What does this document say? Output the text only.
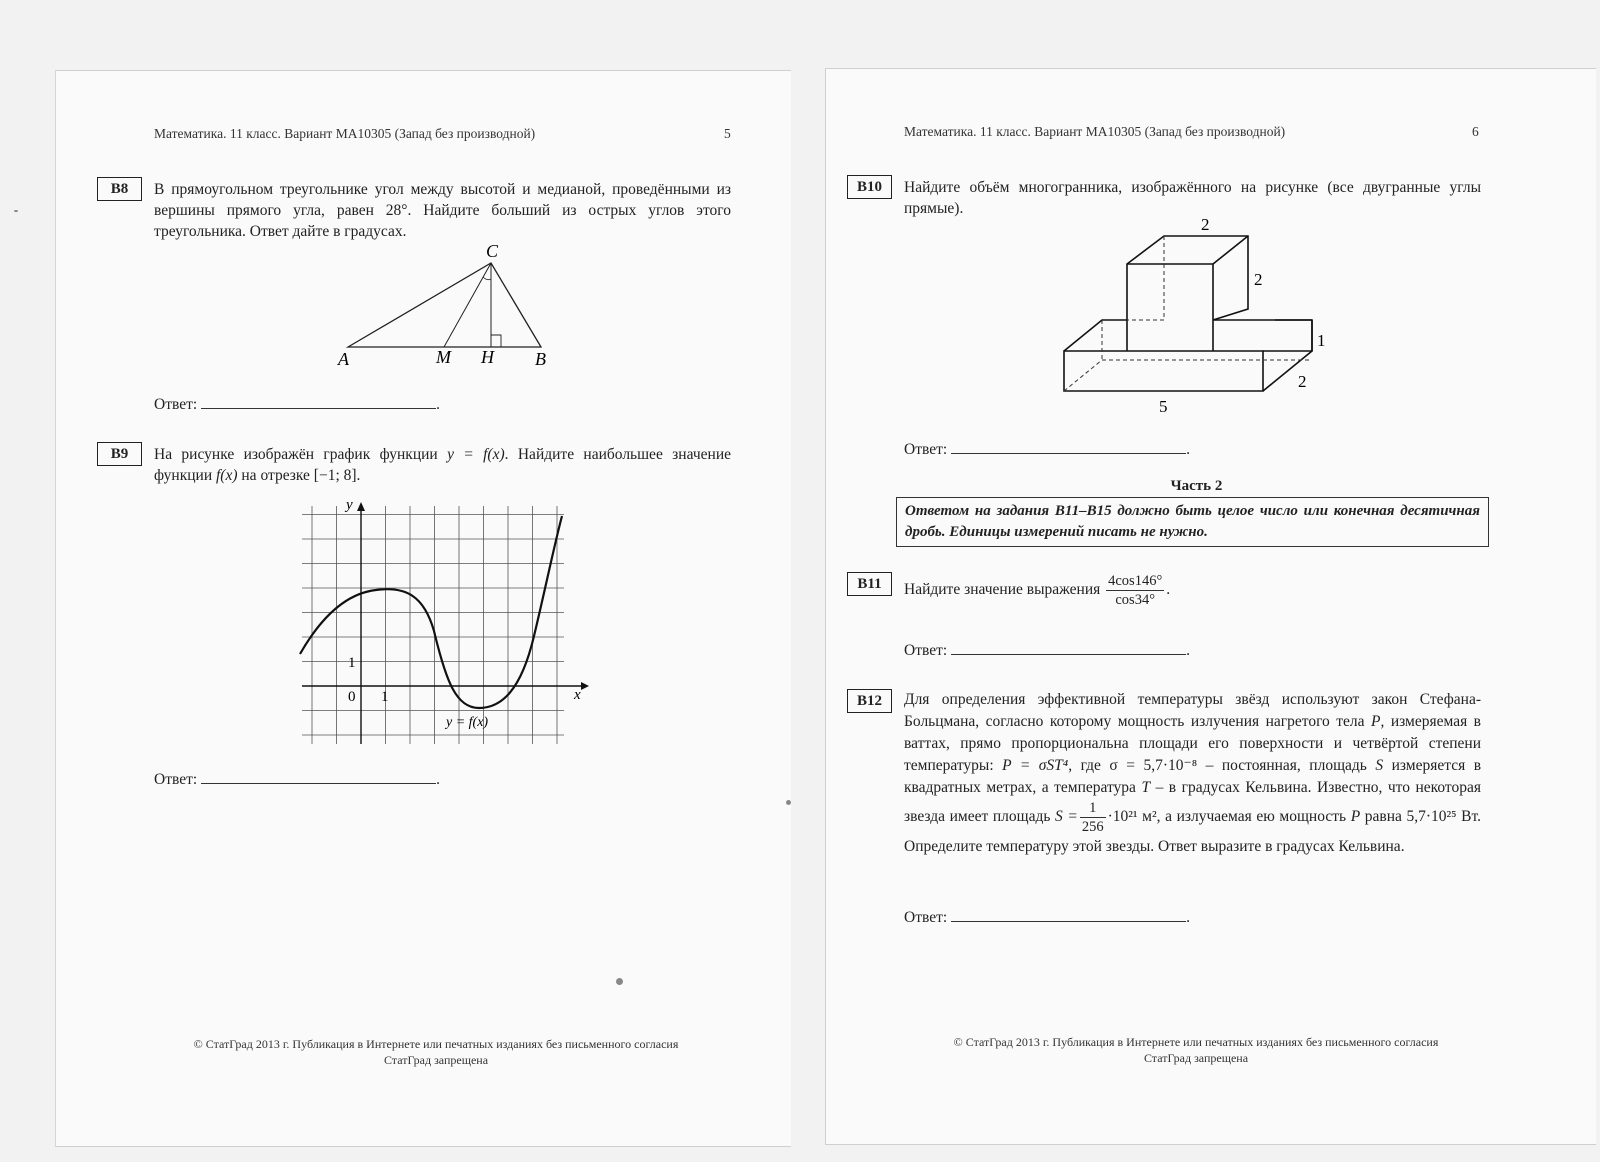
Математика. 11 класс. Вариант МА10305 (Запад без производной)	5
B8	В прямоугольном треугольнике угол между высотой и медианой, проведёнными из вершины прямого угла, равен 28°. Найдите больший из острых углов этого треугольника. Ответ дайте в градусах.
A	M H B
C
Ответ:	.
B9	На рисунке изображён график функции y = f(x). Найдите наибольшее значение функции f(x) на отрезке [−1; 8].
y
x
0 1
1
y = f(x)
Ответ:	.
© СтатГрад 2013 г. Публикация в Интернете или печатных изданиях без письменного согласия
СтатГрад запрещена
Математика. 11 класс. Вариант МА10305 (Запад без производной)	6
B10	Найдите объём многогранника, изображённого на рисунке (все двугранные углы прямые).
2
2
1
2
5
Ответ:	.
Часть 2
Ответом на задания В11–В15 должно быть целое число или конечная десятичная дробь. Единицы измерений писать не нужно.
B11	Найдите значение выражения $\frac{4\cos 146^\circ}{\cos 34^\circ}$ .
Ответ:	.
B12	Для определения эффективной температуры звёзд используют закон Стефана-Больцмана, согласно которому мощность излучения нагретого тела P, измеряемая в ваттах, прямо пропорциональна площади его поверхности и четвёртой степени температуры: P = σST⁴, где σ = 5,7·10⁻⁸ – постоянная, площадь S измеряется в квадратных метрах, а температура T – в градусах Кельвина. Известно, что некоторая звезда имеет площадь $S = \frac{1}{256} \cdot 10^{21}$ м², а излучаемая ею мощность P равна 5,7·10²⁵ Вт. Определите температуру этой звезды. Ответ выразите в градусах Кельвина.
Ответ:	.
© СтатГрад 2013 г. Публикация в Интернете или печатных изданиях без письменного согласия
СтатГрад запрещена
